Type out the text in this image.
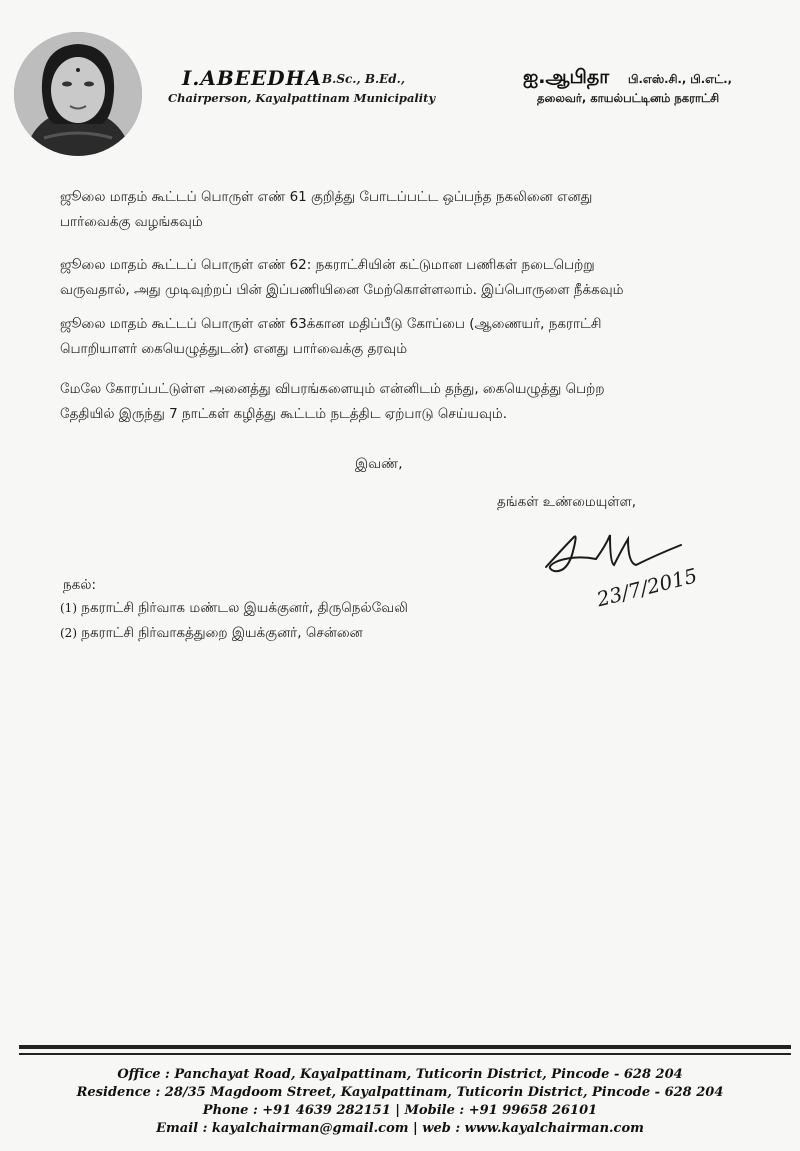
I.ABEEDHA B.Sc., B.Ed.,
Chairperson, Kayalpattinam Municipality
ஐ.ஆபிதா பி.எஸ்.சி., பி.எட்.,
தலைவர், காயல்பட்டினம் நகராட்சி
ஜூலை மாதம் கூட்டப் பொருள் எண் 61 குறித்து போடப்பட்ட ஒப்பந்த நகலினை எனது
பார்வைக்கு வழங்கவும்
ஜூலை மாதம் கூட்டப் பொருள் எண் 62: நகராட்சியின் கட்டுமான பணிகள் நடைபெற்று
வருவதால், அது முடிவுற்றப் பின் இப்பணியினை மேற்கொள்ளலாம். இப்பொருளை நீக்கவும்
ஜூலை மாதம் கூட்டப் பொருள் எண் 63க்கான மதிப்பீடு கோப்பை (ஆணையர், நகராட்சி
பொறியாளர் கையெழுத்துடன்) எனது பார்வைக்கு தரவும்
மேலே கோரப்பட்டுள்ள அனைத்து விபரங்களையும் என்னிடம் தந்து, கையெழுத்து பெற்ற
தேதியில் இருந்து 7 நாட்கள் கழித்து கூட்டம் நடத்திட ஏற்பாடு செய்யவும்.
இவண்,
தங்கள் உண்மையுள்ள,
23/7/2015
நகல்:
(1) நகராட்சி நிர்வாக மண்டல இயக்குனர், திருநெல்வேலி
(2) நகராட்சி நிர்வாகத்துறை இயக்குனர், சென்னை
Office : Panchayat Road, Kayalpattinam, Tuticorin District, Pincode - 628 204
Residence : 28/35 Magdoom Street, Kayalpattinam, Tuticorin District, Pincode - 628 204
Phone : +91 4639 282151 | Mobile : +91 99658 26101
Email : kayalchairman@gmail.com | web : www.kayalchairman.com
